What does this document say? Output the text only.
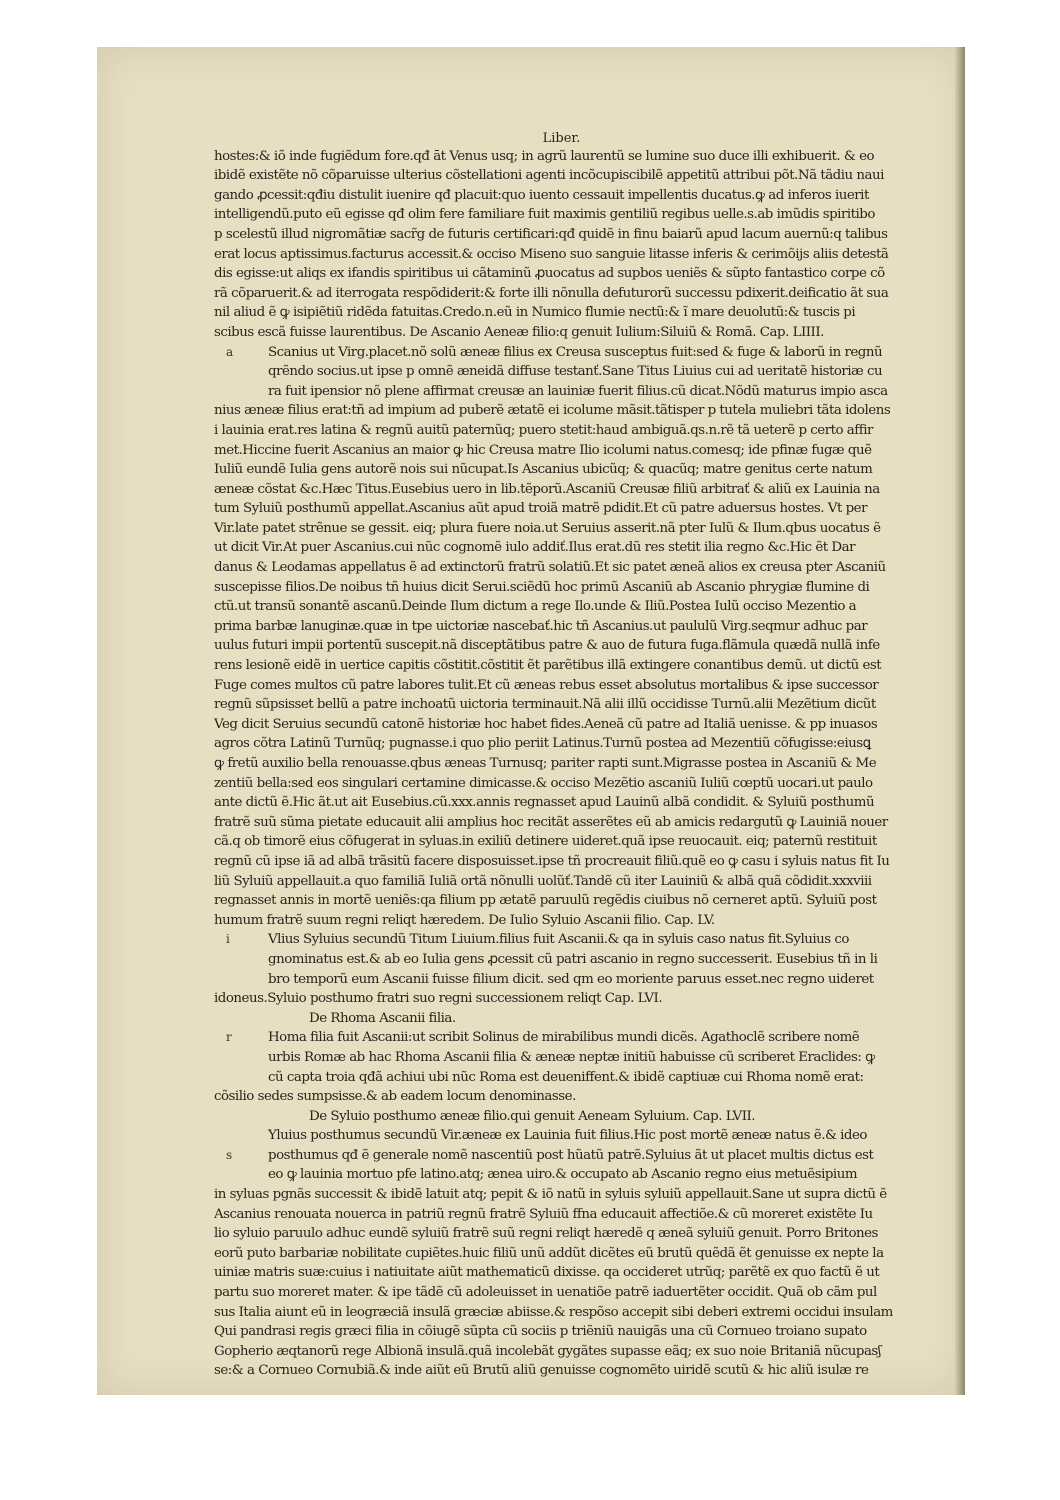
Liber.
hostes:& iõ inde fugiẽdum fore.qđ āt Venus usq; in agrũ laurentũ se lumine suo duce illi exhibuerit. & eo
ibidẽ existẽte nõ cõparuisse ulterius cõstellationi agenti incõcupiscibilẽ appetitũ attribui põt.Nã tãdiu naui
gando ꝓcessit:qđiu distulit iuenire qđ placuit:quo iuento cessauit impellentis ducatus.ꝙ ad inferos iuerit
intelligendũ.puto eũ egisse qđ olim fere familiare fuit maximis gentiliũ regibus uelle.s.ab imũdis spiritibo
p scelestũ illud nigromãtiæ sacr̃g de futuris certificari:qđ quidẽ in finu baiarũ apud lacum auernũ:q talibus
erat locus aptissimus.facturus accessit.& occiso Miseno suo sanguie litasse inferis & cerimõijs aliis detestã
dis egisse:ut aliqs ex ifandis spiritibus ui cãtaminũ ꝓuocatus ad supbos ueniẽs & sũpto fantastico corpe cõ
rã cõparuerit.& ad iterrogata respõdiderit:& forte illi nõnulla defuturorũ successu pdixerit.deificatio ãt sua
nil aliud ẽ ꝙ isipiẽtiũ ridẽda fatuitas.Credo.n.eũ in Numico flumie nectũ:& ĩ mare deuolutũ:& tuscis pi
scibus escã fuisse laurentibus. De Ascanio Aeneæ filio:q genuit Iulium:Siluiũ & Romã. Cap. LIIII.
a	Scanius ut Virg.placet.nõ solũ æneæ filius ex Creusa susceptus fuit:sed & fuge & laborũ in regnũ
qrẽndo socius.ut ipse p omnẽ æneidã diffuse testanť.Sane Titus Liuius cui ad ueritatẽ historiæ cu
ra fuit ipensior nõ plene affirmat creusæ an lauiniæ fuerit filius.cũ dicat.Nõdũ maturus impio asca
nius æneæ filius erat:tñ ad impium ad puberẽ ætatẽ ei icolume mãsit.tãtisper p tutela muliebri tãta idolens
i lauinia erat.res latina & regnũ auitũ paternũq; puero stetit:haud ambiguã.qs.n.rẽ tã ueterẽ p certo affir
met.Hiccine fuerit Ascanius an maior ꝙ hic Creusa matre Ilio icolumi natus.comesq; ide pfinæ fugæ quẽ
Iuliũ eundẽ Iulia gens autorẽ nois sui nũcupat.Is Ascanius ubicũq; & quacũq; matre genitus certe natum
æneæ cõstat &c.Hæc Titus.Eusebius uero in lib.tẽporũ.Ascaniũ Creusæ filiũ arbitrať & aliũ ex Lauinia na
tum Syluiũ posthumũ appellat.Ascanius aũt apud troiã matrẽ pdidit.Et cũ patre aduersus hostes. Vt per
Vir.late patet strẽnue se gessit. eiq; plura fuere noia.ut Seruius asserit.nã pter Iulũ & Ilum.qbus uocatus ẽ
ut dicit Vir.At puer Ascanius.cui nũc cognomẽ iulo addiť.Ilus erat.dũ res stetit ilia regno &c.Hic ẽt Dar
danus & Leodamas appellatus ẽ ad extinctorũ fratrũ solatiũ.Et sic patet æneã alios ex creusa pter Ascaniũ
suscepisse filios.De noibus tñ huius dicit Serui.sciẽdũ hoc primũ Ascaniũ ab Ascanio phrygiæ flumine di
ctũ.ut transũ sonantẽ ascanũ.Deinde Ilum dictum a rege Ilo.unde & Iliũ.Postea Iulũ occiso Mezentio a
prima barbæ lanuginæ.quæ in tpe uictoriæ nascebať.hic tñ Ascanius.ut paululũ Virg.seqmur adhuc par
uulus futuri impii portentũ suscepit.nã disceptãtibus patre & auo de futura fuga.flãmula quædã nullã infe
rens lesionẽ eidẽ in uertice capitis cõstitit.cõstitit ẽt parẽtibus illã extingere conantibus demũ. ut dictũ est
Fuge comes multos cũ patre labores tulit.Et cũ æneas rebus esset absolutus mortalibus & ipse successor
regnũ sũpsisset bellũ a patre inchoatũ uictoria terminauit.Nã alii illũ occidisse Turnũ.alii Mezẽtium dicũt
Veg dicit Seruius secundũ catonẽ historiæ hoc habet fides.Aeneã cũ patre ad Italiã uenisse. & pp inuasos
agros cõtra Latinũ Turnũq; pugnasse.i quo plio periit Latinus.Turnũ postea ad Mezentiũ cõfugisse:eiusꝗ
ꝙ fretũ auxilio bella renouasse.qbus æneas Turnusq; pariter rapti sunt.Migrasse postea in Ascaniũ & Me
zentiũ bella:sed eos singulari certamine dimicasse.& occiso Mezẽtio ascaniũ Iuliũ cœptũ uocari.ut paulo
ante dictũ ẽ.Hic ãt.ut ait Eusebius.cũ.xxx.annis regnasset apud Lauinũ albã condidit. & Syluiũ posthumũ
fratrẽ suũ sũma pietate educauit alii amplius hoc recitãt asserẽtes eũ ab amicis redargutũ ꝙ Lauiniã nouer
cã.q ob timorẽ eius cõfugerat in syluas.in exiliũ detinere uideret.quã ipse reuocauit. eiq; paternũ restituit
regnũ cũ ipse iã ad albã trãsitũ facere disposuisset.ipse tñ procreauit filiũ.quẽ eo ꝙ casu i syluis natus fit Iu
liũ Syluiũ appellauit.a quo familiã Iuliã ortã nõnulli uolũť.Tandẽ cũ iter Lauiniũ & albã quã cõdidit.xxxviii
regnasset annis in mortẽ ueniẽs:qa filium pp ætatẽ paruulũ regẽdis ciuibus nõ cerneret aptũ. Syluiũ post
humum fratrẽ suum regni reliqt hæredem. De Iulio Syluio Ascanii filio. Cap. LV.
i	Vlius Syluius secundũ Titum Liuium.filius fuit Ascanii.& qa in syluis caso natus fit.Syluius co
gnominatus est.& ab eo Iulia gens ꝓcessit cũ patri ascanio in regno successerit. Eusebius tñ in li
bro temporũ eum Ascanii fuisse filium dicit. sed qm eo moriente paruus esset.nec regno uideret
idoneus.Syluio posthumo fratri suo regni successionem reliqt Cap. LVI.
De Rhoma Ascanii filia.
r	Homa filia fuit Ascanii:ut scribit Solinus de mirabilibus mundi dicẽs. Agathoclẽ scribere nomẽ
urbis Romæ ab hac Rhoma Ascanii filia & æneæ neptæ initiũ habuisse cũ scriberet Eraclides: ꝙ
cũ capta troia qđã achiui ubi nũc Roma est deueniffent.& ibidẽ captiuæ cui Rhoma nomẽ erat:
cõsilio sedes sumpsisse.& ab eadem locum denominasse.
De Syluio posthumo æneæ filio.qui genuit Aeneam Syluium. Cap. LVII.
Yluius posthumus secundũ Vir.æneæ ex Lauinia fuit filius.Hic post mortẽ æneæ natus ẽ.& ideo
s	posthumus qđ ẽ generale nomẽ nascentiũ post hũatũ patrẽ.Syluius ãt ut placet multis dictus est
eo ꝙ lauinia mortuo pfe latino.atq; ænea uiro.& occupato ab Ascanio regno eius metuẽsipium
in syluas pgnãs successit & ibidẽ latuit atq; pepit & iõ natũ in syluis syluiũ appellauit.Sane ut supra dictũ ẽ
Ascanius renouata nouerca in patriũ regnũ fratrẽ Syluiũ ffna educauit affectiõe.& cũ moreret existẽte Iu
lio syluio paruulo adhuc eundẽ syluiũ fratrẽ suũ regni reliqt hæredẽ q æneã syluiũ genuit. Porro Britones
eorũ puto barbariæ nobilitate cupiẽtes.huic filiũ unũ addũt dicẽtes eũ brutũ quẽdã ẽt genuisse ex nepte la
uiniæ matris suæ:cuius i natiuitate aiũt mathematicũ dixisse. qa occideret utrũq; parẽtẽ ex quo factũ ẽ ut
partu suo moreret mater. & ipe tãdẽ cũ adoleuisset in uenatiõe patrẽ iaduertẽter occidit. Quã ob cãm pul
sus Italia aiunt eũ in leogræciã insulã græciæ abiisse.& respõso accepit sibi deberi extremi occidui insulam
Qui pandrasi regis græci filia in cõiugẽ sũpta cũ sociis p triẽniũ nauigãs una cũ Cornueo troiano supato
Gopherio æqtanorũ rege Albionã insulã.quã incolebãt gygãtes supasse eãq; ex suo noie Britaniã nũcupasʃ
se:& a Cornueo Cornubiã.& inde aiũt eũ Brutũ aliũ genuisse cognomẽto uiridẽ scutũ & hic aliũ isulæ re
